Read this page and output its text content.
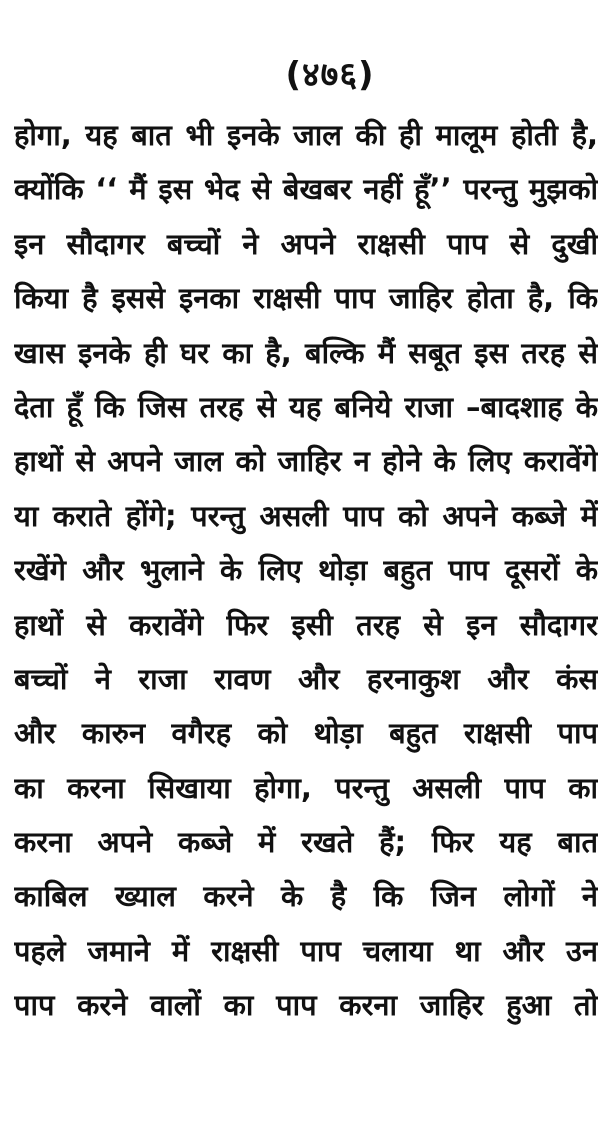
(४७६)
होगा, यह बात भी इनके जाल की ही मालूम होती है,
क्योंकि ‘‘ मैं इस भेद से बेखबर नहीं हूँ’’ परन्तु मुझको
इन सौदागर बच्चों ने अपने राक्षसी पाप से दुखी
किया है इससे इनका राक्षसी पाप जाहिर होता है, कि
खास इनके ही घर का है, बल्कि मैं सबूत इस तरह से
देता हूँ कि जिस तरह से यह बनिये राजा –बादशाह के
हाथों से अपने जाल को जाहिर न होने के लिए करावेंगे
या कराते होंगे; परन्तु असली पाप को अपने कब्जे में
रखेंगे और भुलाने के लिए थोड़ा बहुत पाप दूसरों के
हाथों से करावेंगे फिर इसी तरह से इन सौदागर
बच्चों ने राजा रावण और हरनाकुश और कंस
और कारुन वगैरह को थोड़ा बहुत राक्षसी पाप
का करना सिखाया होगा, परन्तु असली पाप का
करना अपने कब्जे में रखते हैं; फिर यह बात
काबिल ख्याल करने के है कि जिन लोगों ने
पहले जमाने में राक्षसी पाप चलाया था और उन
पाप करने वालों का पाप करना जाहिर हुआ तो
